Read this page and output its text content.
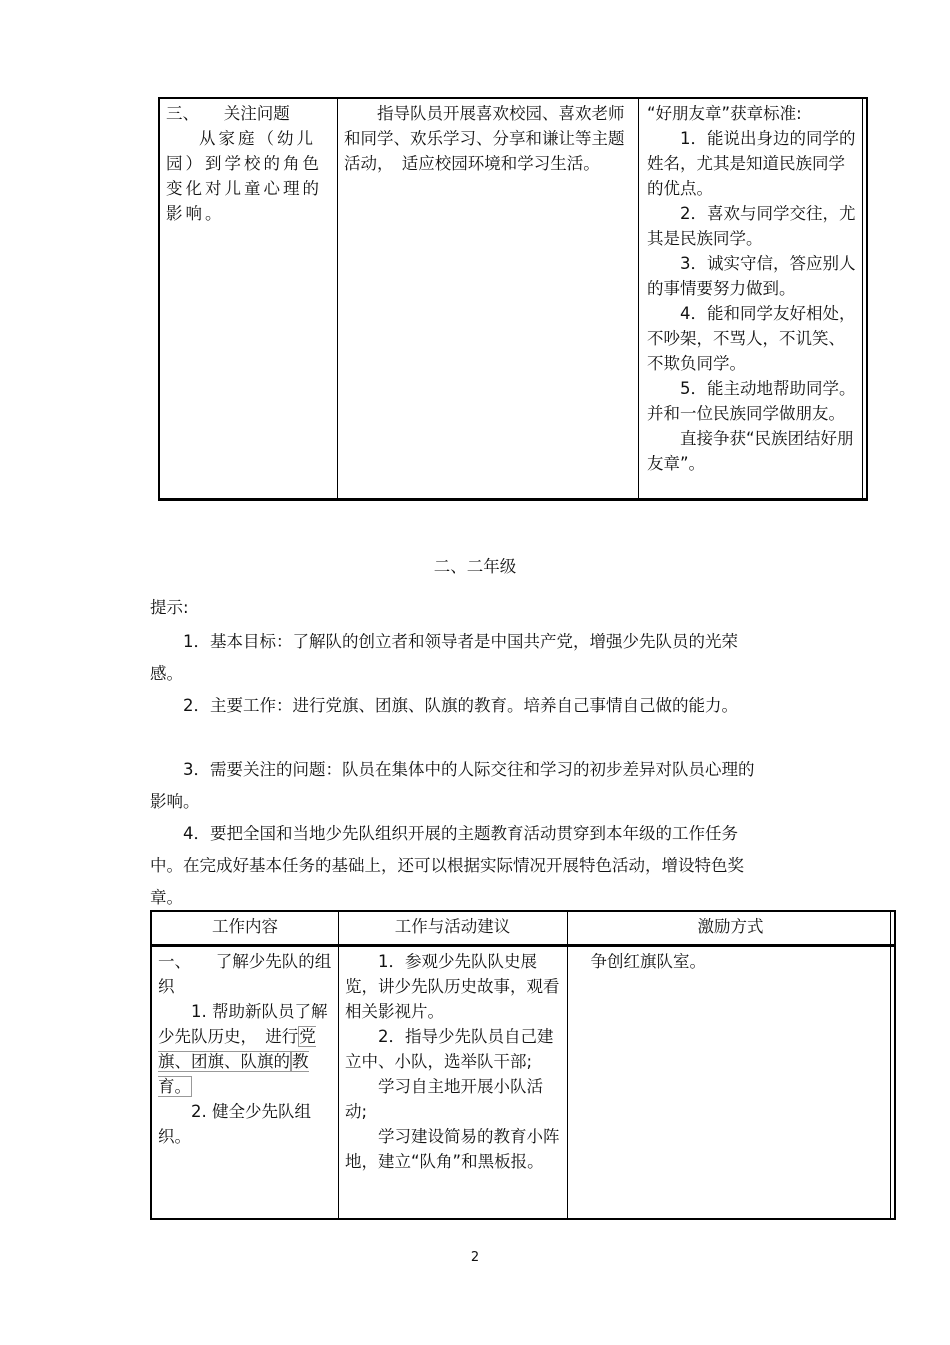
三、　　关注问题
从家庭（幼儿园）到学校的角色变化对儿童心理的影响。
指导队员开展喜欢校园、喜欢老师和同学、欢乐学习、分享和谦让等主题活动，　适应校园环境和学习生活。
“好朋友章”获章标准:
1．能说出身边的同学的姓名，尤其是知道民族同学的优点。
2．喜欢与同学交往，尤其是民族同学。
3．诚实守信，答应别人的事情要努力做到。
4．能和同学友好相处，不吵架，不骂人，不讥笑、不欺负同学。
5．能主动地帮助同学。并和一位民族同学做朋友。
直接争获“民族团结好朋友章”。
二、二年级
提示:
1．基本目标：了解队的创立者和领导者是中国共产党，增强少先队员的光荣感。
2．主要工作：进行党旗、团旗、队旗的教育。培养自己事情自己做的能力。
3．需要关注的问题：队员在集体中的人际交往和学习的初步差异对队员心理的影响。
4．要把全国和当地少先队组织开展的主题教育活动贯穿到本年级的工作任务中。在完成好基本任务的基础上，还可以根据实际情况开展特色活动，增设特色奖章。
工作内容	工作与活动建议	激励方式
一、　　了解少先队的组织
1. 帮助新队员了解少先队历史，　进行党旗、团旗、队旗的 教育。
2. 健全少先队组织。
1．参观少先队队史展览，讲少先队历史故事，观看相关影视片。
2．指导少先队员自己建立中、小队，选举队干部;
学习自主地开展小队活动;
学习建设简易的教育小阵地，建立“队角”和黑板报。
争创红旗队室。
2
